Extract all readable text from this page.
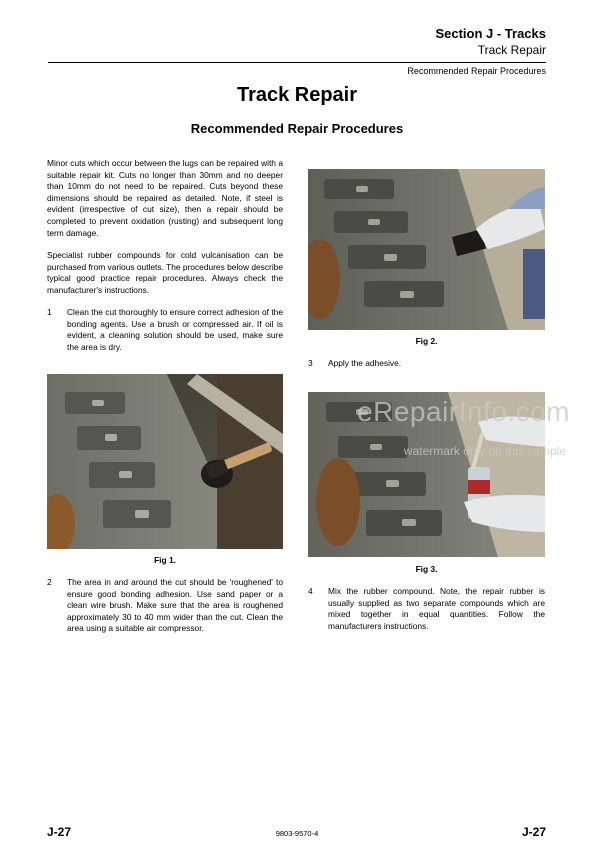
Section J - Tracks
Track Repair
Recommended Repair Procedures
Track Repair
Recommended Repair Procedures
Minor cuts which occur between the lugs can be repaired with a suitable repair kit. Cuts no longer than 30mm and no deeper than 10mm do not need to be repaired. Cuts beyond these dimensions should be repaired as detailed. Note, if steel is evident (irrespective of cut size), then a repair should be completed to prevent oxidation (rusting) and subsequent long term damage.
Specialist rubber compounds for cold vulcanisation can be purchased from various outlets. The procedures below describe typical good practice repair procedures. Always check the manufacturer's instructions.
1 Clean the cut thoroughly to ensure correct adhesion of the bonding agents. Use a brush or compressed air. If oil is evident, a cleaning solution should be used, make sure the area is dry.
Fig 1.
2 The area in and around the cut should be 'roughened' to ensure good bonding adhesion. Use sand paper or a clean wire brush. Make sure that the area is roughened approximately 30 to 40 mm wider than the cut. Clean the area using a suitable air compressor.
Fig 2.
3 Apply the adhesive.
Fig 3.
4 Mix the rubber compound. Note, the repair rubber is usually supplied as two separate compounds which are mixed together in equal quantities. Follow the manufacturers instructions.
eRepairInfo.com
watermark only on this sample
J-27	9803-9570-4	J-27
